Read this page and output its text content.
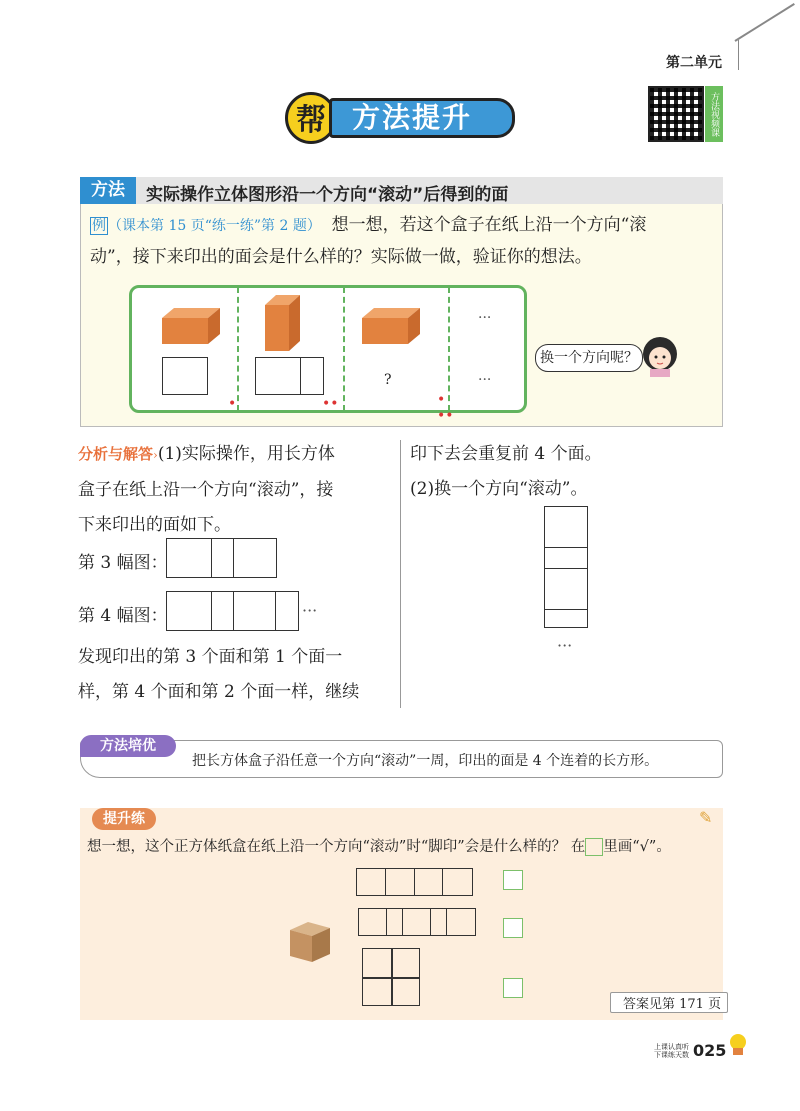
第二单元
帮 方法提升	方法视频课
方法	实际操作立体图形沿一个方向“滚动”后得到的面
例 （课本第 15 页“练一练”第 2 题） 想一想，若这个盒子在纸上沿一个方向“滚
动”，接下来印出的面会是什么样的？实际做一做，验证你的想法。
···
?	···
•	••	•
••
换一个方向呢？
分析与解答›(1)实际操作，用长方体
盒子在纸上沿一个方向“滚动”，接
下来印出的面如下。
第 3 幅图：
第 4 幅图：	···
发现印出的第 3 个面和第 1 个面一
样，第 4 个面和第 2 个面一样，继续
印下去会重复前 4 个面。
(2)换一个方向“滚动”。
···
方法培优
把长方体盒子沿任意一个方向“滚动”一周，印出的面是 4 个连着的长方形。
提升练	✎
想一想，这个正方体纸盒在纸上沿一个方向“滚动”时“脚印”会是什么样的？ 在 里画“√”。
答案见第 171 页
上课认真听
下课练天数 025
